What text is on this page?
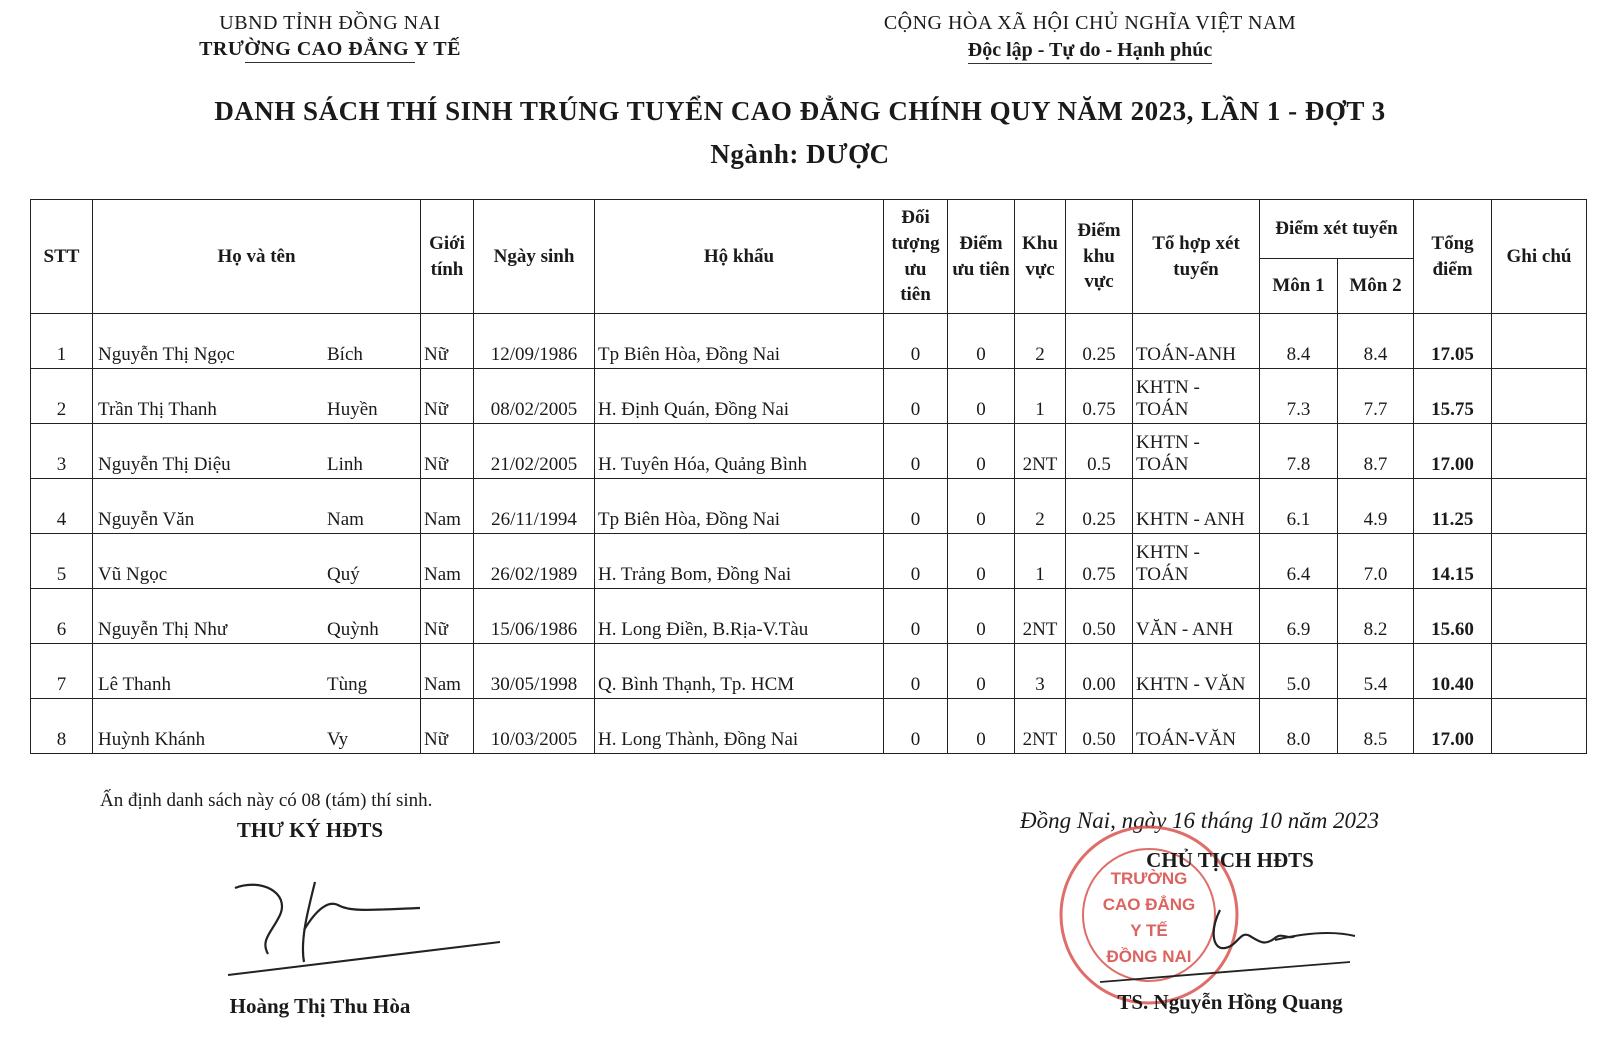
UBND TỈNH ĐỒNG NAI
TRƯỜNG CAO ĐẲNG Y TẾ
CỘNG HÒA XÃ HỘI CHỦ NGHĨA VIỆT NAM
Độc lập - Tự do - Hạnh phúc
DANH SÁCH THÍ SINH TRÚNG TUYỂN CAO ĐẲNG CHÍNH QUY NĂM 2023, LẦN 1 - ĐỢT 3
Ngành: DƯỢC
STT	Họ và tên	Giới tính	Ngày sinh	Hộ khẩu	Đối tượng ưu tiên	Điểm ưu tiên	Khu vực	Điểm khu vực	Tổ hợp xét tuyển	Điểm xét tuyển		Tổng điểm	Ghi chú
										Môn 1	Môn 2		
1	Nguyễn Thị Ngọc Bích	Nữ	12/09/1986	Tp Biên Hòa, Đồng Nai	0	0	2	0.25	TOÁN-ANH	8.4	8.4	17.05	
2	Trần Thị Thanh Huyền	Nữ	08/02/2005	H. Định Quán, Đồng Nai	0	0	1	0.75	KHTN - TOÁN	7.3	7.7	15.75	
3	Nguyễn Thị Diệu Linh	Nữ	21/02/2005	H. Tuyên Hóa, Quảng Bình	0	0	2NT	0.5	KHTN - TOÁN	7.8	8.7	17.00	
4	Nguyễn Văn Nam	Nam	26/11/1994	Tp Biên Hòa, Đồng Nai	0	0	2	0.25	KHTN - ANH	6.1	4.9	11.25	
5	Vũ Ngọc Quý	Nam	26/02/1989	H. Trảng Bom, Đồng Nai	0	0	1	0.75	KHTN - TOÁN	6.4	7.0	14.15	
6	Nguyễn Thị Như Quỳnh	Nữ	15/06/1986	H. Long Điền, B.Rịa-V.Tàu	0	0	2NT	0.50	VĂN - ANH	6.9	8.2	15.60	
7	Lê Thanh Tùng	Nam	30/05/1998	Q. Bình Thạnh, Tp. HCM	0	0	3	0.00	KHTN - VĂN	5.0	5.4	10.40	
8	Huỳnh Khánh Vy	Nữ	10/03/2005	H. Long Thành, Đồng Nai	0	0	2NT	0.50	TOÁN-VĂN	8.0	8.5	17.00	
Ấn định danh sách này có 08 (tám) thí sinh.
THƯ KÝ HĐTS
Hoàng Thị Thu Hòa
Đồng Nai, ngày 16 tháng 10 năm 2023
TRƯỜNG
CAO ĐẲNG
Y TẾ
ĐỒNG NAI
CHỦ TỊCH HĐTS
TS. Nguyễn Hồng Quang
